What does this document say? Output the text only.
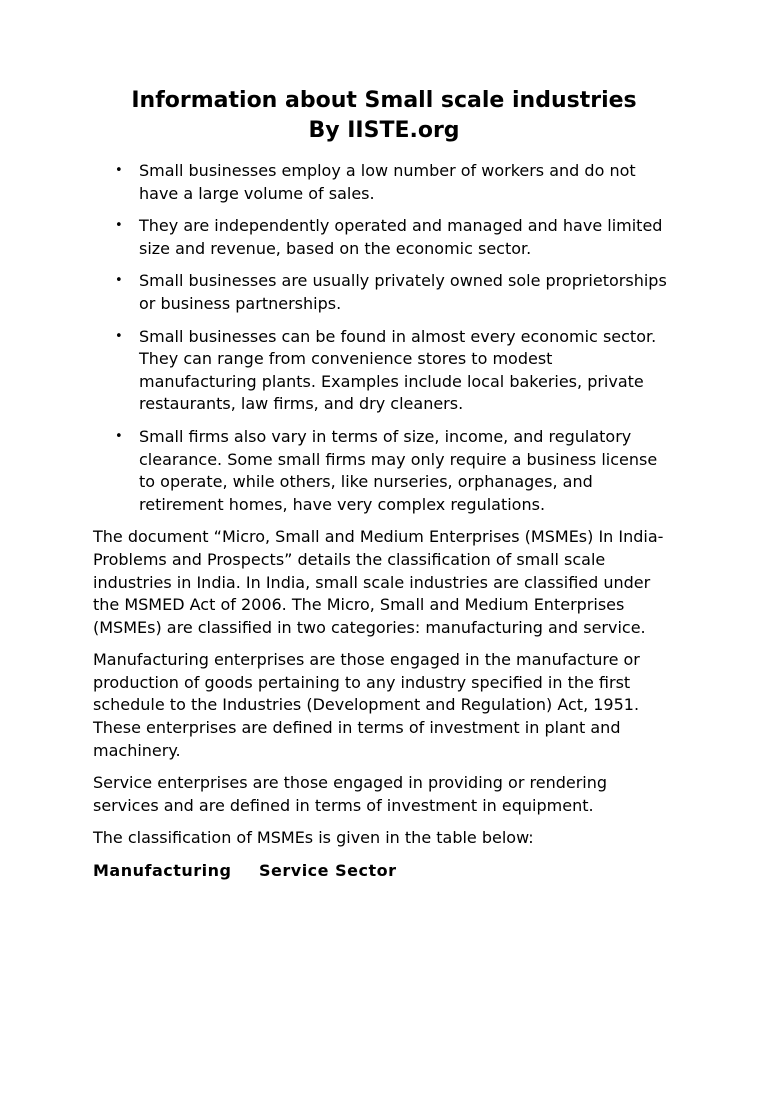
Information about Small scale industries By IISTE.org
• Small businesses employ a low number of workers and do not have a large volume of sales.
• They are independently operated and managed and have limited size and revenue, based on the economic sector.
• Small businesses are usually privately owned sole proprietorships or business partnerships.
• Small businesses can be found in almost every economic sector. They can range from convenience stores to modest manufacturing plants. Examples include local bakeries, private restaurants, law firms, and dry cleaners.
• Small firms also vary in terms of size, income, and regulatory clearance. Some small firms may only require a business license to operate, while others, like nurseries, orphanages, and retirement homes, have very complex regulations.

The document “Micro, Small and Medium Enterprises (MSMEs) In India-Problems and Prospects” details the classification of small scale industries in India. In India, small scale industries are classified under the MSMED Act of 2006. The Micro, Small and Medium Enterprises (MSMEs) are classified in two categories: manufacturing and service.

Manufacturing enterprises are those engaged in the manufacture or production of goods pertaining to any industry specified in the first schedule to the Industries (Development and Regulation) Act, 1951. These enterprises are defined in terms of investment in plant and machinery.

Service enterprises are those engaged in providing or rendering services and are defined in terms of investment in equipment.

The classification of MSMEs is given in the table below:

Manufacturing	Service Sector
